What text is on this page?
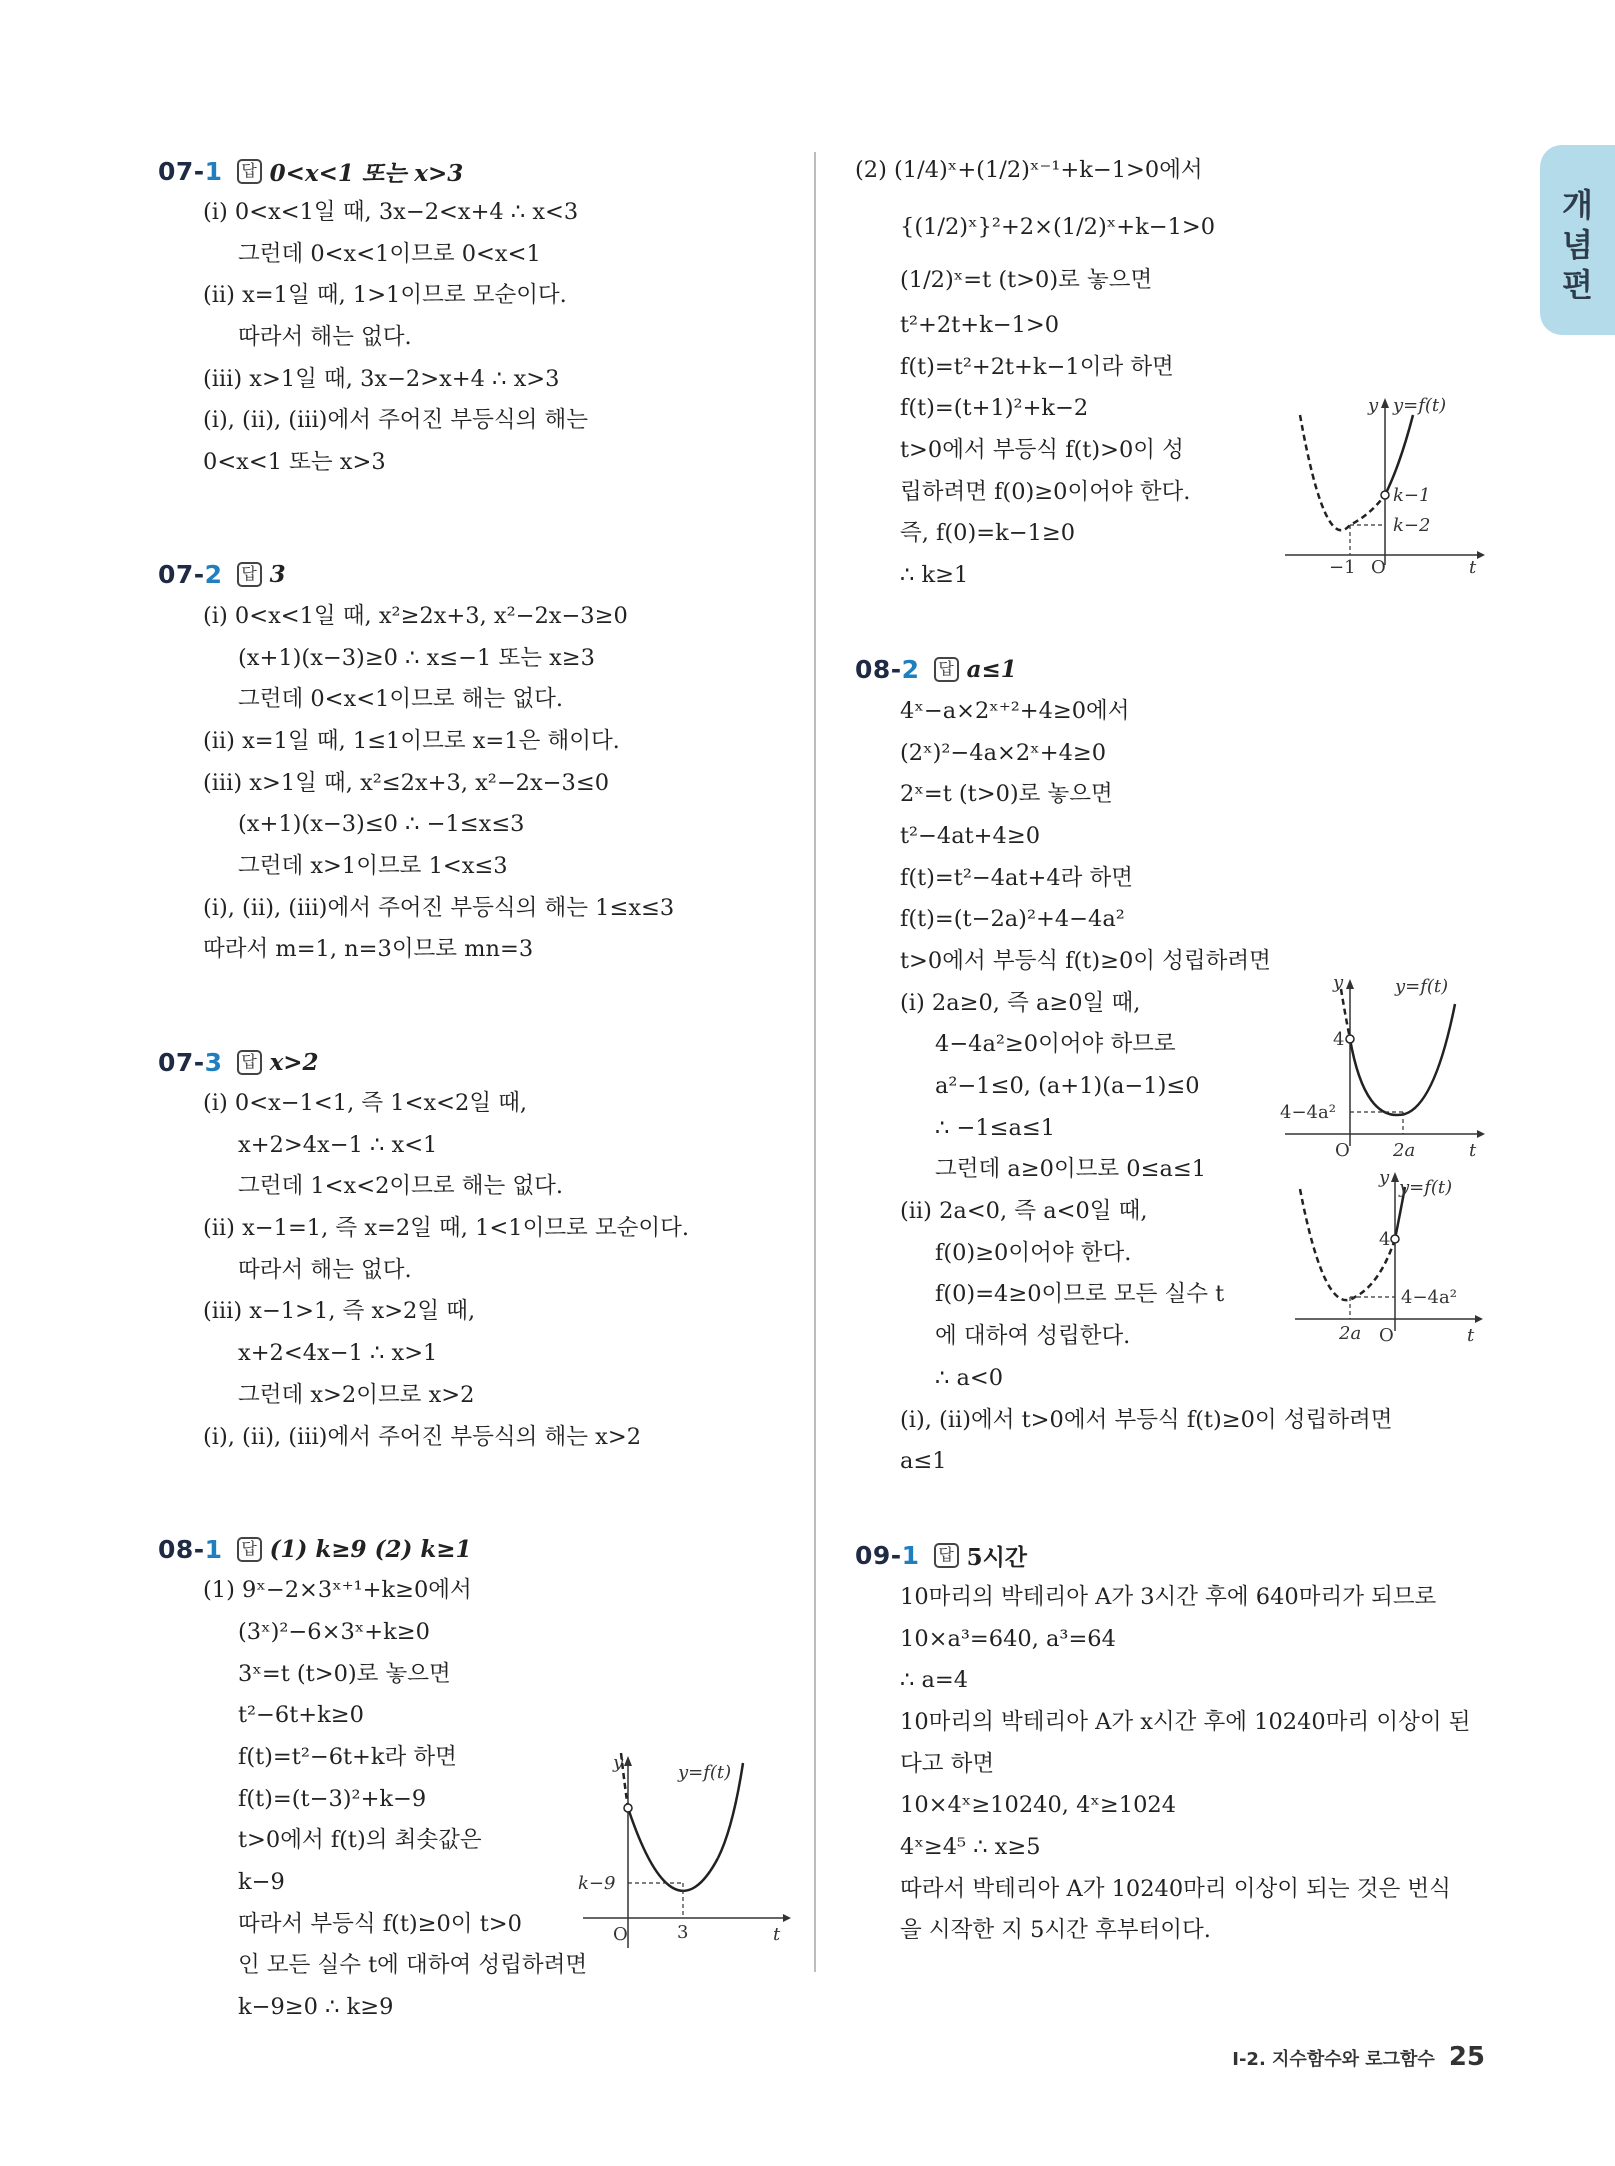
개
념
편
07-1 답 0<x<1 또는 x>3
(ⅰ) 0<x<1일 때, 3x−2<x+4 ∴ x<3
그런데 0<x<1이므로 0<x<1
(ⅱ) x=1일 때, 1>1이므로 모순이다.
따라서 해는 없다.
(ⅲ) x>1일 때, 3x−2>x+4 ∴ x>3
(ⅰ), (ⅱ), (ⅲ)에서 주어진 부등식의 해는
0<x<1 또는 x>3
07-2 답 3
(ⅰ) 0<x<1일 때, x²≥2x+3, x²−2x−3≥0
(x+1)(x−3)≥0 ∴ x≤−1 또는 x≥3
그런데 0<x<1이므로 해는 없다.
(ⅱ) x=1일 때, 1≤1이므로 x=1은 해이다.
(ⅲ) x>1일 때, x²≤2x+3, x²−2x−3≤0
(x+1)(x−3)≤0 ∴ −1≤x≤3
그런데 x>1이므로 1<x≤3
(ⅰ), (ⅱ), (ⅲ)에서 주어진 부등식의 해는 1≤x≤3
따라서 m=1, n=3이므로 mn=3
07-3 답 x>2
(ⅰ) 0<x−1<1, 즉 1<x<2일 때,
x+2>4x−1 ∴ x<1
그런데 1<x<2이므로 해는 없다.
(ⅱ) x−1=1, 즉 x=2일 때, 1<1이므로 모순이다.
따라서 해는 없다.
(ⅲ) x−1>1, 즉 x>2일 때,
x+2<4x−1 ∴ x>1
그런데 x>2이므로 x>2
(ⅰ), (ⅱ), (ⅲ)에서 주어진 부등식의 해는 x>2
08-1 답 (1) k≥9 (2) k≥1
(1) 9ˣ−2×3ˣ⁺¹+k≥0에서
(3ˣ)²−6×3ˣ+k≥0
3ˣ=t (t>0)로 놓으면
t²−6t+k≥0
f(t)=t²−6t+k라 하면
f(t)=(t−3)²+k−9
t>0에서 f(t)의 최솟값은
k−9
따라서 부등식 f(t)≥0이 t>0
인 모든 실수 t에 대하여 성립하려면
k−9≥0 ∴ k≥9
y	y=f(t)
k−9
O	3	t
(2) (1/4)ˣ+(1/2)ˣ⁻¹+k−1>0에서
{(1/2)ˣ}²+2×(1/2)ˣ+k−1>0
(1/2)ˣ=t (t>0)로 놓으면
t²+2t+k−1>0
f(t)=t²+2t+k−1이라 하면
f(t)=(t+1)²+k−2
t>0에서 부등식 f(t)>0이 성
립하려면 f(0)≥0이어야 한다.
즉, f(0)=k−1≥0
∴ k≥1
y y=f(t)
k−1
k−2
−1 O	t
08-2 답 a≤1
4ˣ−a×2ˣ⁺²+4≥0에서
(2ˣ)²−4a×2ˣ+4≥0
2ˣ=t (t>0)로 놓으면
t²−4at+4≥0
f(t)=t²−4at+4라 하면
f(t)=(t−2a)²+4−4a²
t>0에서 부등식 f(t)≥0이 성립하려면
(ⅰ) 2a≥0, 즉 a≥0일 때,
4−4a²≥0이어야 하므로
a²−1≤0, (a+1)(a−1)≤0
∴ −1≤a≤1
그런데 a≥0이므로 0≤a≤1
(ⅱ) 2a<0, 즉 a<0일 때,
f(0)≥0이어야 한다.
f(0)=4≥0이므로 모든 실수 t
에 대하여 성립한다.
∴ a<0
(ⅰ), (ⅱ)에서 t>0에서 부등식 f(t)≥0이 성립하려면
a≤1
y	y=f(t)
4
4−4a²
O 2a	t
y y=f(t)
4
4−4a²
2a O	t
09-1 답 5시간
10마리의 박테리아 A가 3시간 후에 640마리가 되므로
10×a³=640, a³=64
∴ a=4
10마리의 박테리아 A가 x시간 후에 10240마리 이상이 된
다고 하면
10×4ˣ≥10240, 4ˣ≥1024
4ˣ≥4⁵ ∴ x≥5
따라서 박테리아 A가 10240마리 이상이 되는 것은 번식
을 시작한 지 5시간 후부터이다.
Ⅰ-2. 지수함수와 로그함수 25
